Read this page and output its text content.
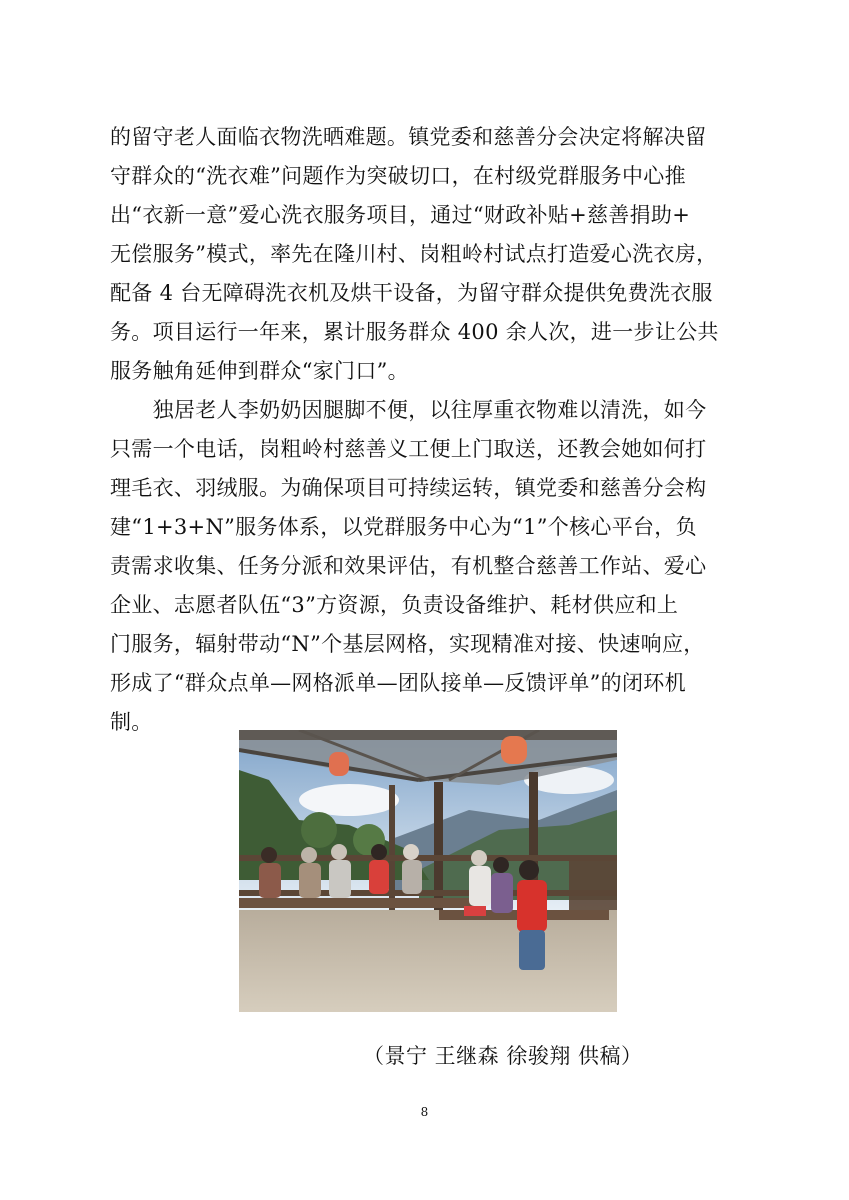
的留守老人面临衣物洗晒难题。镇党委和慈善分会决定将解决留
守群众的“洗衣难”问题作为突破切口，在村级党群服务中心推
出“衣新一意”爱心洗衣服务项目，通过“财政补贴+慈善捐助+
无偿服务”模式，率先在隆川村、岗粗岭村试点打造爱心洗衣房，
配备 4 台无障碍洗衣机及烘干设备，为留守群众提供免费洗衣服
务。项目运行一年来，累计服务群众 400 余人次，进一步让公共
服务触角延伸到群众“家门口”。
　　独居老人李奶奶因腿脚不便，以往厚重衣物难以清洗，如今
只需一个电话，岗粗岭村慈善义工便上门取送，还教会她如何打
理毛衣、羽绒服。为确保项目可持续运转，镇党委和慈善分会构
建“1+3+N”服务体系，以党群服务中心为“1”个核心平台，负
责需求收集、任务分派和效果评估，有机整合慈善工作站、爱心
企业、志愿者队伍“3”方资源，负责设备维护、耗材供应和上
门服务，辐射带动“N”个基层网格，实现精准对接、快速响应，
形成了“群众点单—网格派单—团队接单—反馈评单”的闭环机
制。
（景宁 王继森 徐骏翔 供稿）
8
